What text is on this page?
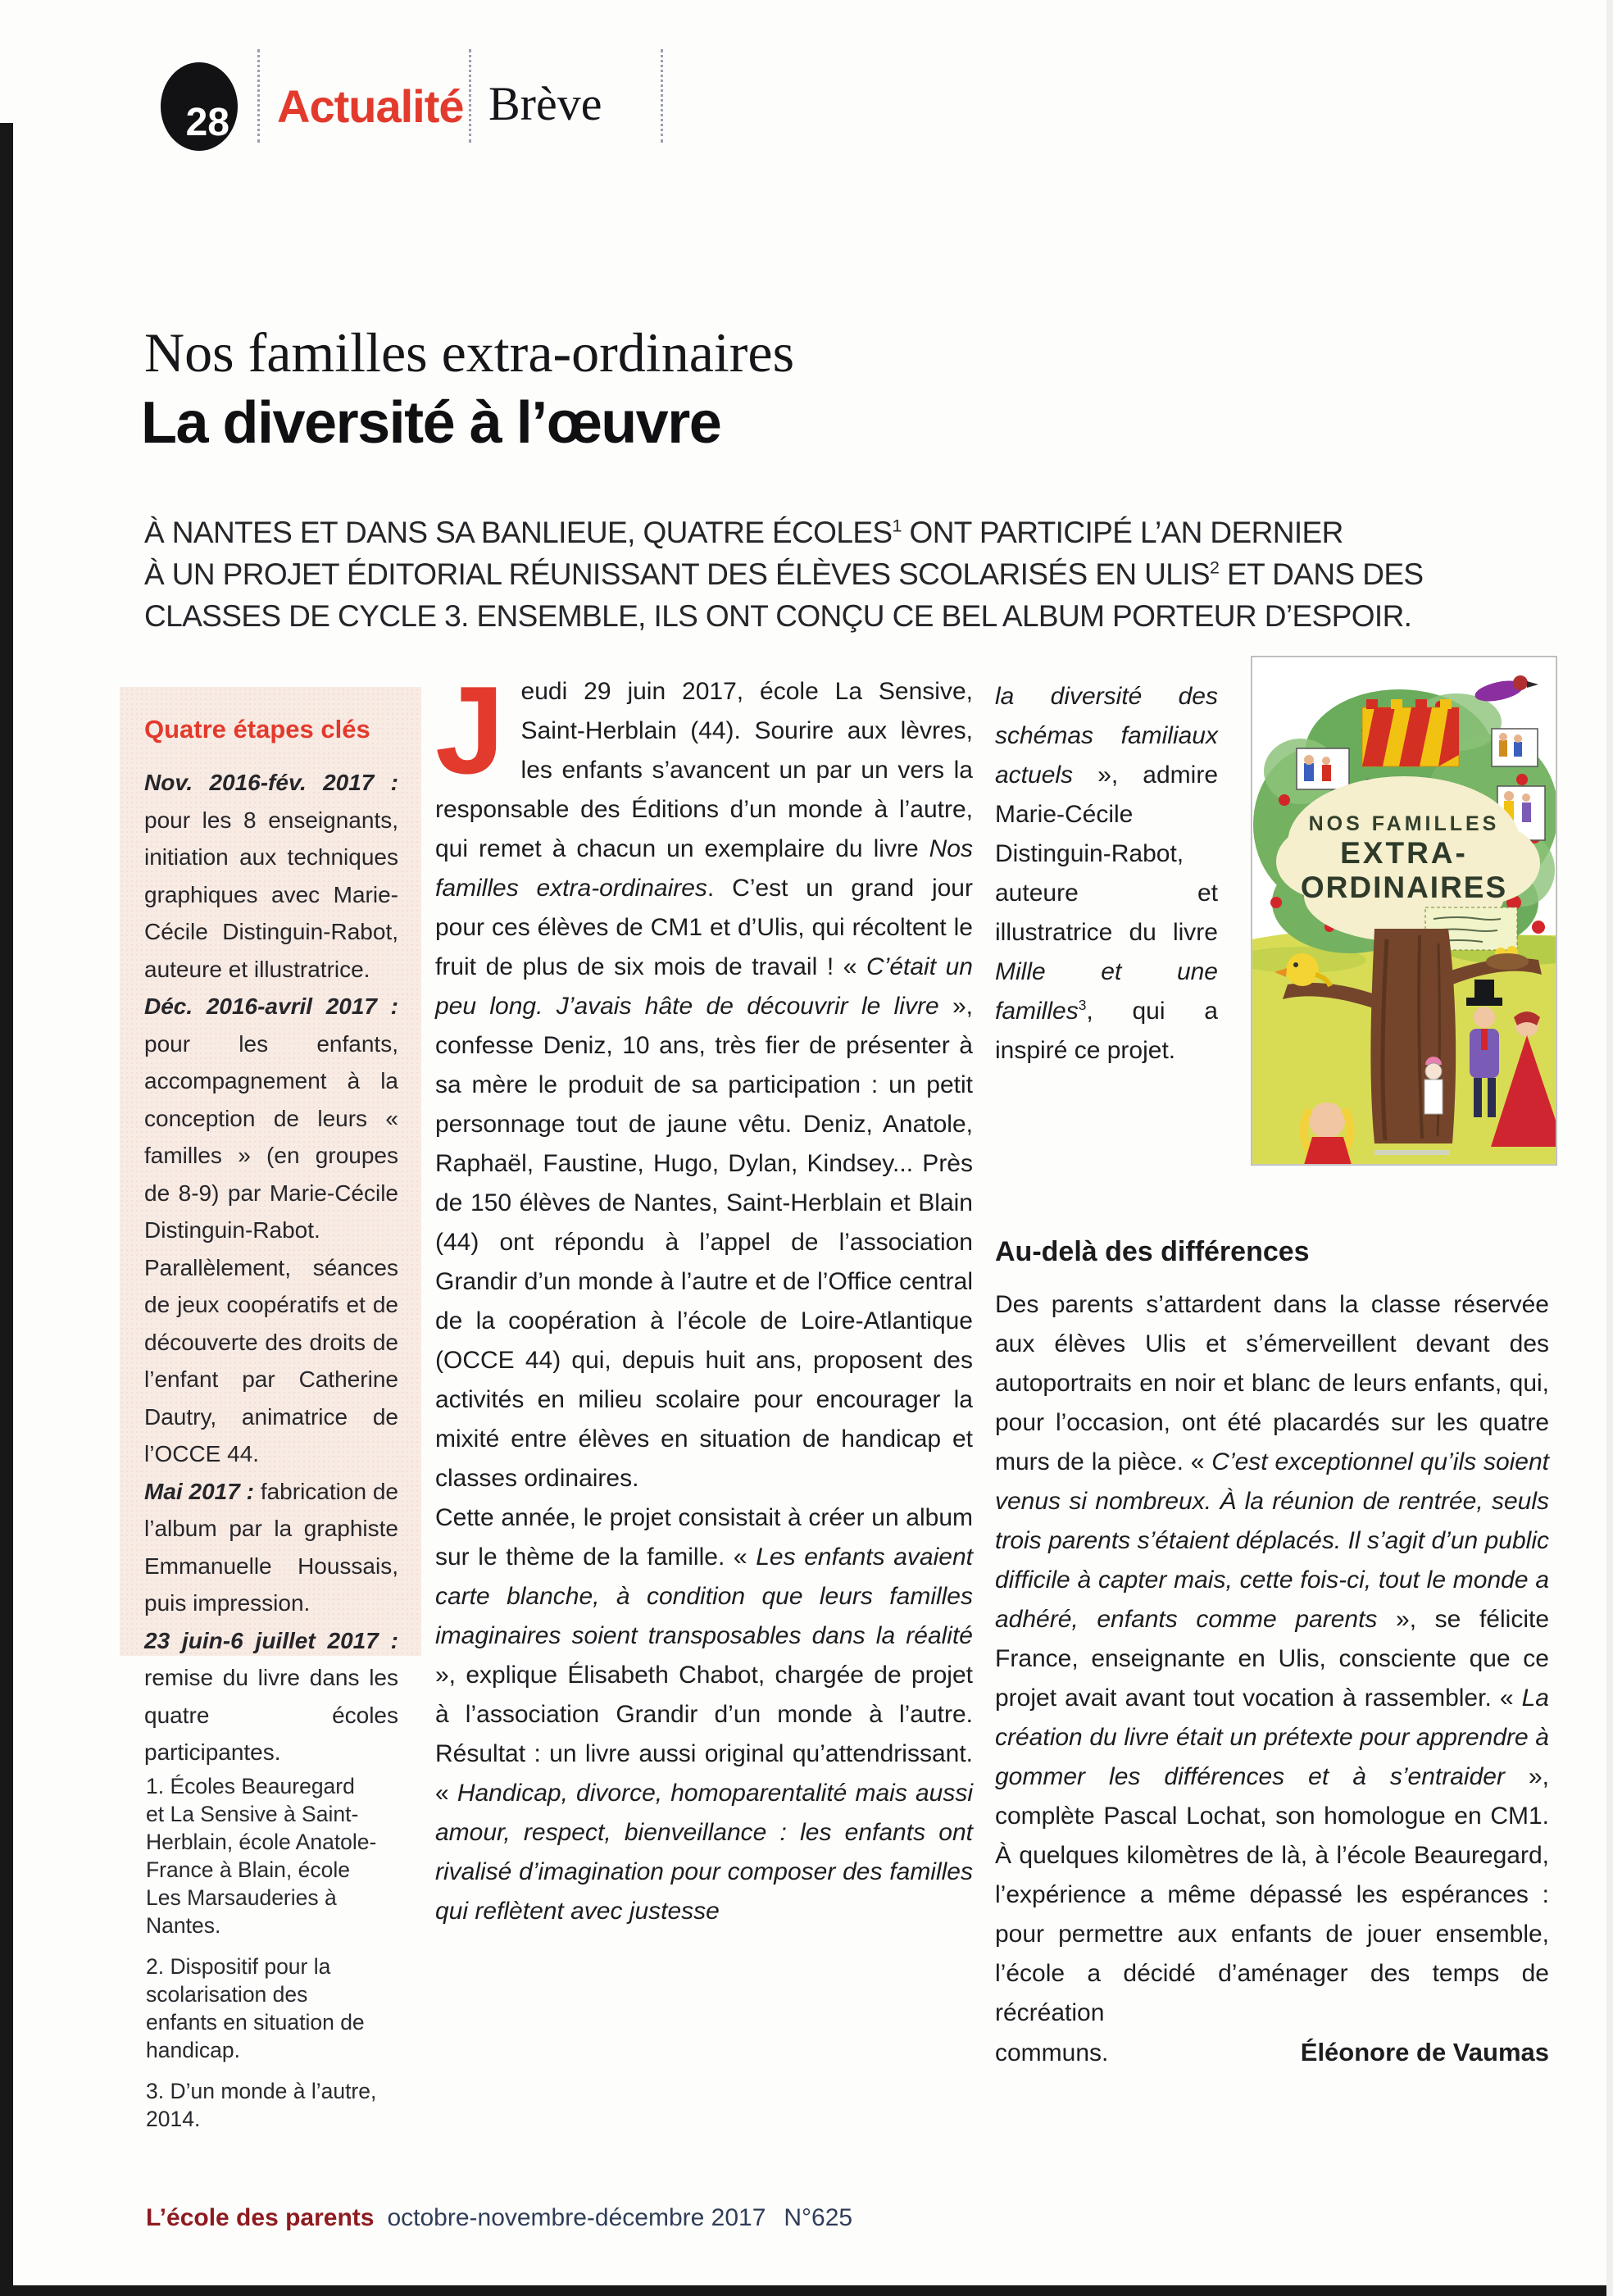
28 Actualité Brève
Nos familles extra-ordinaires
La diversité à l’œuvre
À NANTES ET DANS SA BANLIEUE, QUATRE ÉCOLES$^1$ ONT PARTICIPÉ L’AN DERNIER
À UN PROJET ÉDITORIAL RÉUNISSANT DES ÉLÈVES SCOLARISÉS EN ULIS$^2$ ET DANS DES
CLASSES DE CYCLE 3. ENSEMBLE, ILS ONT CONÇU CE BEL ALBUM PORTEUR D’ESPOIR.
Quatre étapes clés

Nov. 2016-fév. 2017 : pour les 8 enseignants, initiation aux techniques graphiques avec Marie-Cécile Distinguin-Rabot, auteure et illustratrice.

Déc. 2016-avril 2017 : pour les enfants, accompagnement à la conception de leurs « familles » (en groupes de 8-9) par Marie-Cécile Distinguin-Rabot. Parallèlement, séances de jeux coopératifs et de découverte des droits de l’enfant par Catherine Dautry, animatrice de l’OCCE 44.

Mai 2017 : fabrication de l’album par la graphiste Emmanuelle Houssais, puis impression.

23 juin-6 juillet 2017 : remise du livre dans les quatre écoles participantes.

1. Écoles Beauregard et La Sensive à Saint-Herblain, école Anatole-France à Blain, école Les Marsauderies à Nantes.
2. Dispositif pour la scolarisation des enfants en situation de handicap.
3. D’un monde à l’autre, 2014.

Jeudi 29 juin 2017, école La Sensive, Saint-Herblain (44). Sourire aux lèvres, les enfants s’avancent un par un vers la responsable des Éditions d’un monde à l’autre, qui remet à chacun un exemplaire du livre Nos familles extra-ordinaires. C’est un grand jour pour ces élèves de CM1 et d’Ulis, qui récoltent le fruit de plus de six mois de travail ! « C’était un peu long. J’avais hâte de découvrir le livre », confesse Deniz, 10 ans, très fier de présenter à sa mère le produit de sa participation : un petit personnage tout de jaune vêtu. Deniz, Anatole, Raphaël, Faustine, Hugo, Dylan, Kindsey... Près de 150 élèves de Nantes, Saint-Herblain et Blain (44) ont répondu à l’appel de l’association Grandir d’un monde à l’autre et de l’Office central de la coopération à l’école de Loire-Atlantique (OCCE 44) qui, depuis huit ans, proposent des activités en milieu scolaire pour encourager la mixité entre élèves en situation de handicap et classes ordinaires.

Cette année, le projet consistait à créer un album sur le thème de la famille. « Les enfants avaient carte blanche, à condition que leurs familles imaginaires soient transposables dans la réalité », explique Élisabeth Chabot, chargée de projet à l’association Grandir d’un monde à l’autre. Résultat : un livre aussi original qu’attendrissant. « Handicap, divorce, homoparentalité mais aussi amour, respect, bienveillance : les enfants ont rivalisé d’imagination pour composer des familles qui reflètent avec justesse

la diversité des schémas familiaux actuels », admire Marie-Cécile Distinguin-Rabot, auteure et illustratrice du livre Mille et une familles$^3$, qui a inspiré ce projet.
NOS FAMILLES
EXTRA-
ORDINAIRES
Au-delà des différences

Des parents s’attardent dans la classe réservée aux élèves Ulis et s’émerveillent devant des autoportraits en noir et blanc de leurs enfants, qui, pour l’occasion, ont été placardés sur les quatre murs de la pièce. « C’est exceptionnel qu’ils soient venus si nombreux. À la réunion de rentrée, seuls trois parents s’étaient déplacés. Il s’agit d’un public difficile à capter mais, cette fois-ci, tout le monde a adhéré, enfants comme parents », se félicite France, enseignante en Ulis, consciente que ce projet avait avant tout vocation à rassembler. « La création du livre était un prétexte pour apprendre à gommer les différences et à s’entraider », complète Pascal Lochat, son homologue en CM1. À quelques kilomètres de là, à l’école Beauregard, l’expérience a même dépassé les espérances : pour permettre aux enfants de jouer ensemble, l’école a décidé d’aménager des temps de récréation

communs.	Éléonore de Vaumas
L’école des parents octobre-novembre-décembre 2017 N°625
